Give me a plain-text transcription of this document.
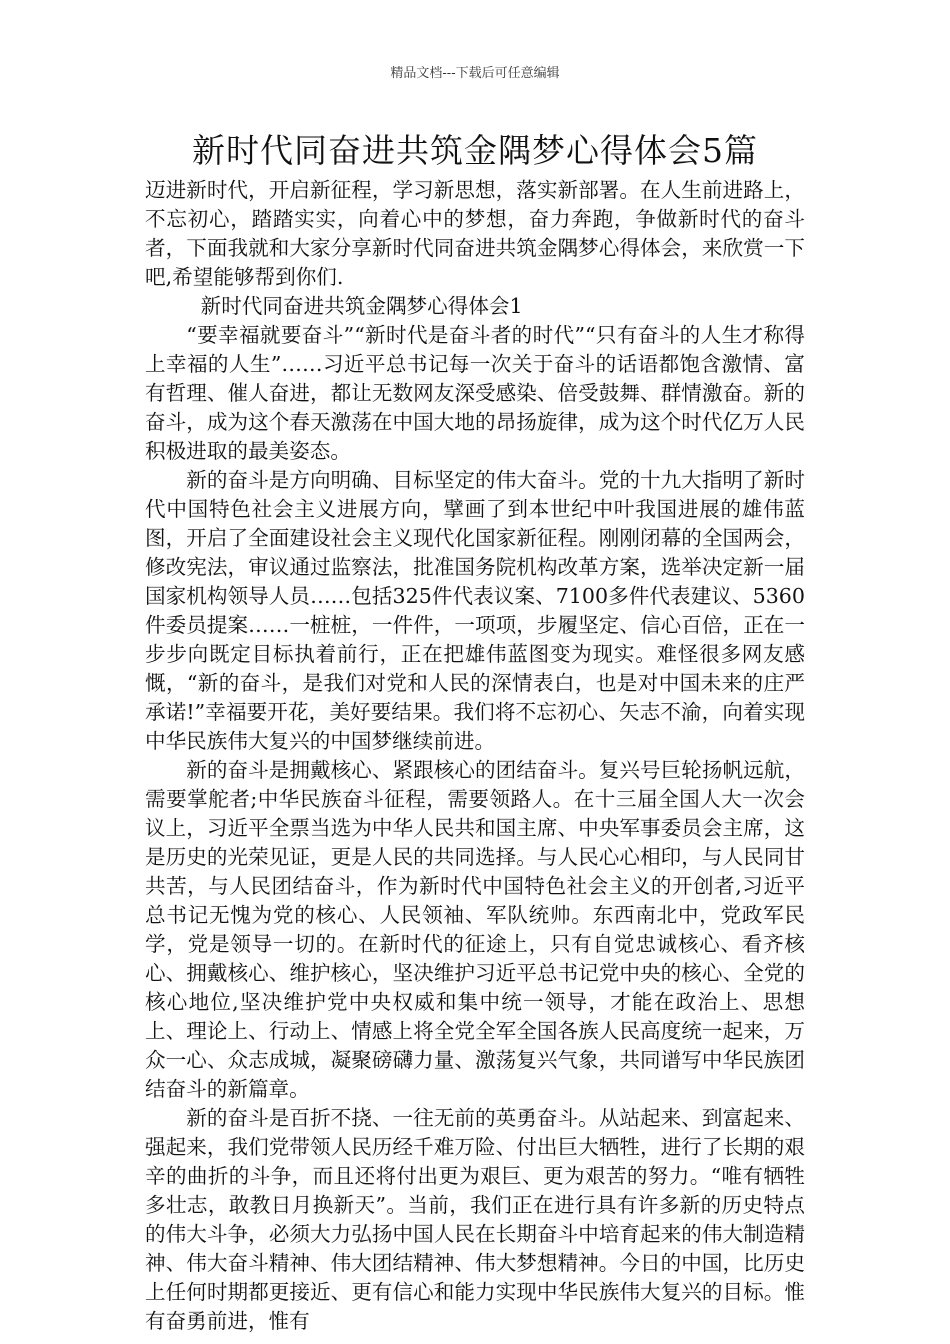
精品文档---下载后可任意编辑
新时代同奋进共筑金隅梦心得体会5篇

迈进新时代，开启新征程，学习新思想，落实新部署。在人生前进路上，不忘初心，踏踏实实，向着心中的梦想，奋力奔跑，争做新时代的奋斗者，下面我就和大家分享新时代同奋进共筑金隅梦心得体会，来欣赏一下吧,希望能够帮到你们.

新时代同奋进共筑金隅梦心得体会1

“要幸福就要奋斗”“新时代是奋斗者的时代”“只有奋斗的人生才称得上幸福的人生”……习近平总书记每一次关于奋斗的话语都饱含激情、富有哲理、催人奋进，都让无数网友深受感染、倍受鼓舞、群情激奋。新的奋斗，成为这个春天激荡在中国大地的昂扬旋律，成为这个时代亿万人民积极进取的最美姿态。

新的奋斗是方向明确、目标坚定的伟大奋斗。党的十九大指明了新时代中国特色社会主义进展方向，擘画了到本世纪中叶我国进展的雄伟蓝图，开启了全面建设社会主义现代化国家新征程。刚刚闭幕的全国两会，修改宪法，审议通过监察法，批准国务院机构改革方案，选举决定新一届国家机构领导人员……包括325件代表议案、7100多件代表建议、5360件委员提案……一桩桩，一件件，一项项，步履坚定、信心百倍，正在一步步向既定目标执着前行，正在把雄伟蓝图变为现实。难怪很多网友感慨，“新的奋斗，是我们对党和人民的深情表白，也是对中国未来的庄严承诺!”幸福要开花，美好要结果。我们将不忘初心、矢志不渝，向着实现中华民族伟大复兴的中国梦继续前进。

新的奋斗是拥戴核心、紧跟核心的团结奋斗。复兴号巨轮扬帆远航，需要掌舵者;中华民族奋斗征程，需要领路人。在十三届全国人大一次会议上，习近平全票当选为中华人民共和国主席、中央军事委员会主席，这是历史的光荣见证，更是人民的共同选择。与人民心心相印，与人民同甘共苦，与人民团结奋斗，作为新时代中国特色社会主义的开创者,习近平总书记无愧为党的核心、人民领袖、军队统帅。东西南北中，党政军民学，党是领导一切的。在新时代的征途上，只有自觉忠诚核心、看齐核心、拥戴核心、维护核心，坚决维护习近平总书记党中央的核心、全党的核心地位,坚决维护党中央权威和集中统一领导，才能在政治上、思想上、理论上、行动上、情感上将全党全军全国各族人民高度统一起来，万众一心、众志成城，凝聚磅礴力量、激荡复兴气象，共同谱写中华民族团结奋斗的新篇章。

新的奋斗是百折不挠、一往无前的英勇奋斗。从站起来、到富起来、强起来，我们党带领人民历经千难万险、付出巨大牺牲，进行了长期的艰辛的曲折的斗争，而且还将付出更为艰巨、更为艰苦的努力。“唯有牺牲多壮志，敢教日月换新天”。当前，我们正在进行具有许多新的历史特点的伟大斗争，必须大力弘扬中国人民在长期奋斗中培育起来的伟大制造精神、伟大奋斗精神、伟大团结精神、伟大梦想精神。今日的中国，比历史上任何时期都更接近、更有信心和能力实现中华民族伟大复兴的目标。惟有奋勇前进，惟有
